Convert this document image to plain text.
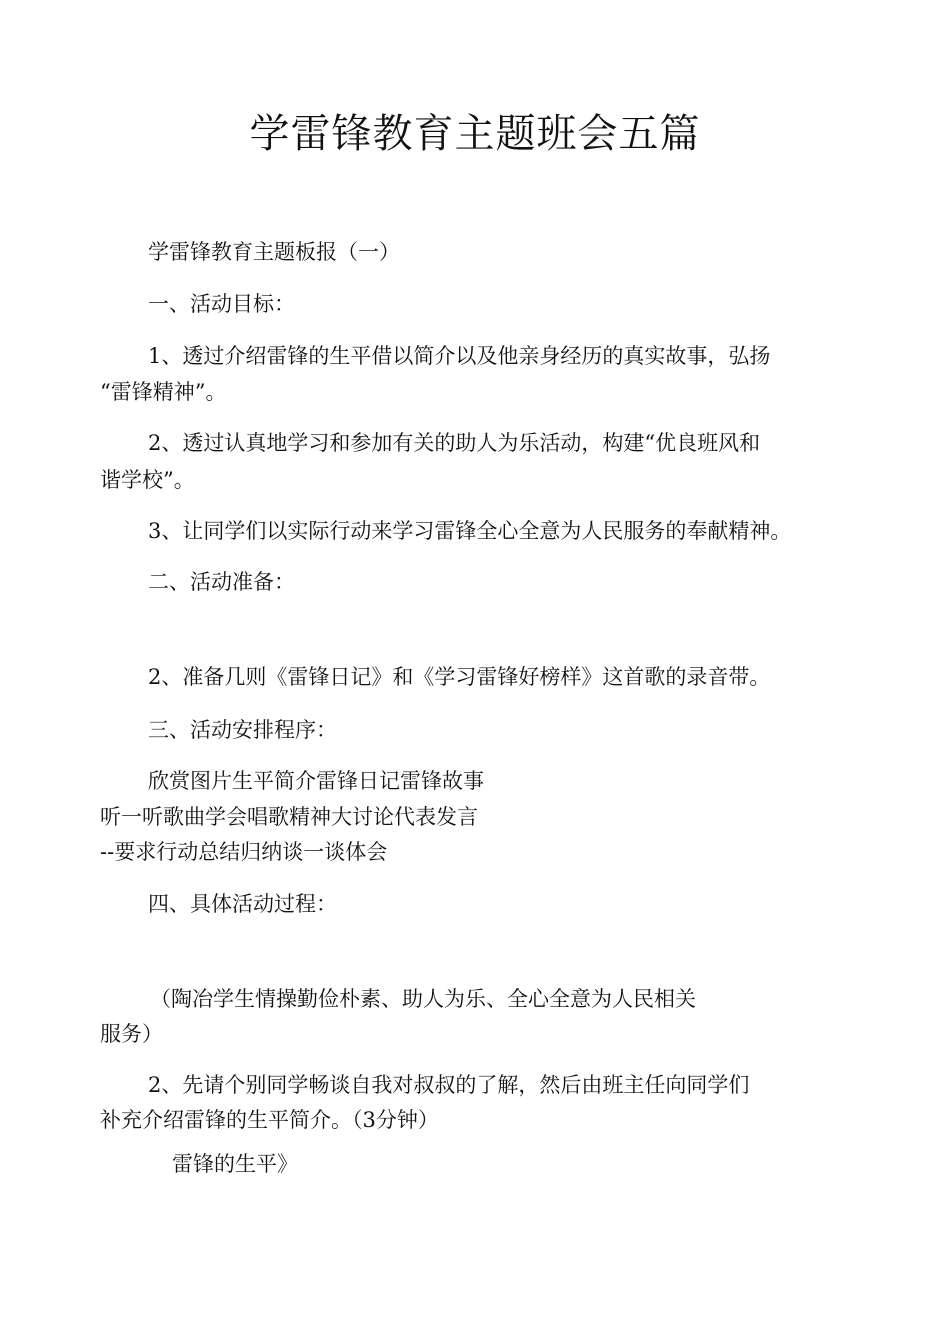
学雷锋教育主题班会五篇
学雷锋教育主题板报（一）
一、活动目标：
1、透过介绍雷锋的生平借以简介以及他亲身经历的真实故事，弘扬
“雷锋精神”。
2、透过认真地学习和参加有关的助人为乐活动，构建“优良班风和
谐学校”。
3、让同学们以实际行动来学习雷锋全心全意为人民服务的奉献精神。
二、活动准备：
2、准备几则《雷锋日记》和《学习雷锋好榜样》这首歌的录音带。
三、活动安排程序：
欣赏图片生平简介雷锋日记雷锋故事
听一听歌曲学会唱歌精神大讨论代表发言
--要求行动总结归纳谈一谈体会
四、具体活动过程：
（陶冶学生情操勤俭朴素、助人为乐、全心全意为人民相关
服务）
2、先请个别同学畅谈自我对叔叔的了解，然后由班主任向同学们
补充介绍雷锋的生平简介。（3分钟）
雷锋的生平》
